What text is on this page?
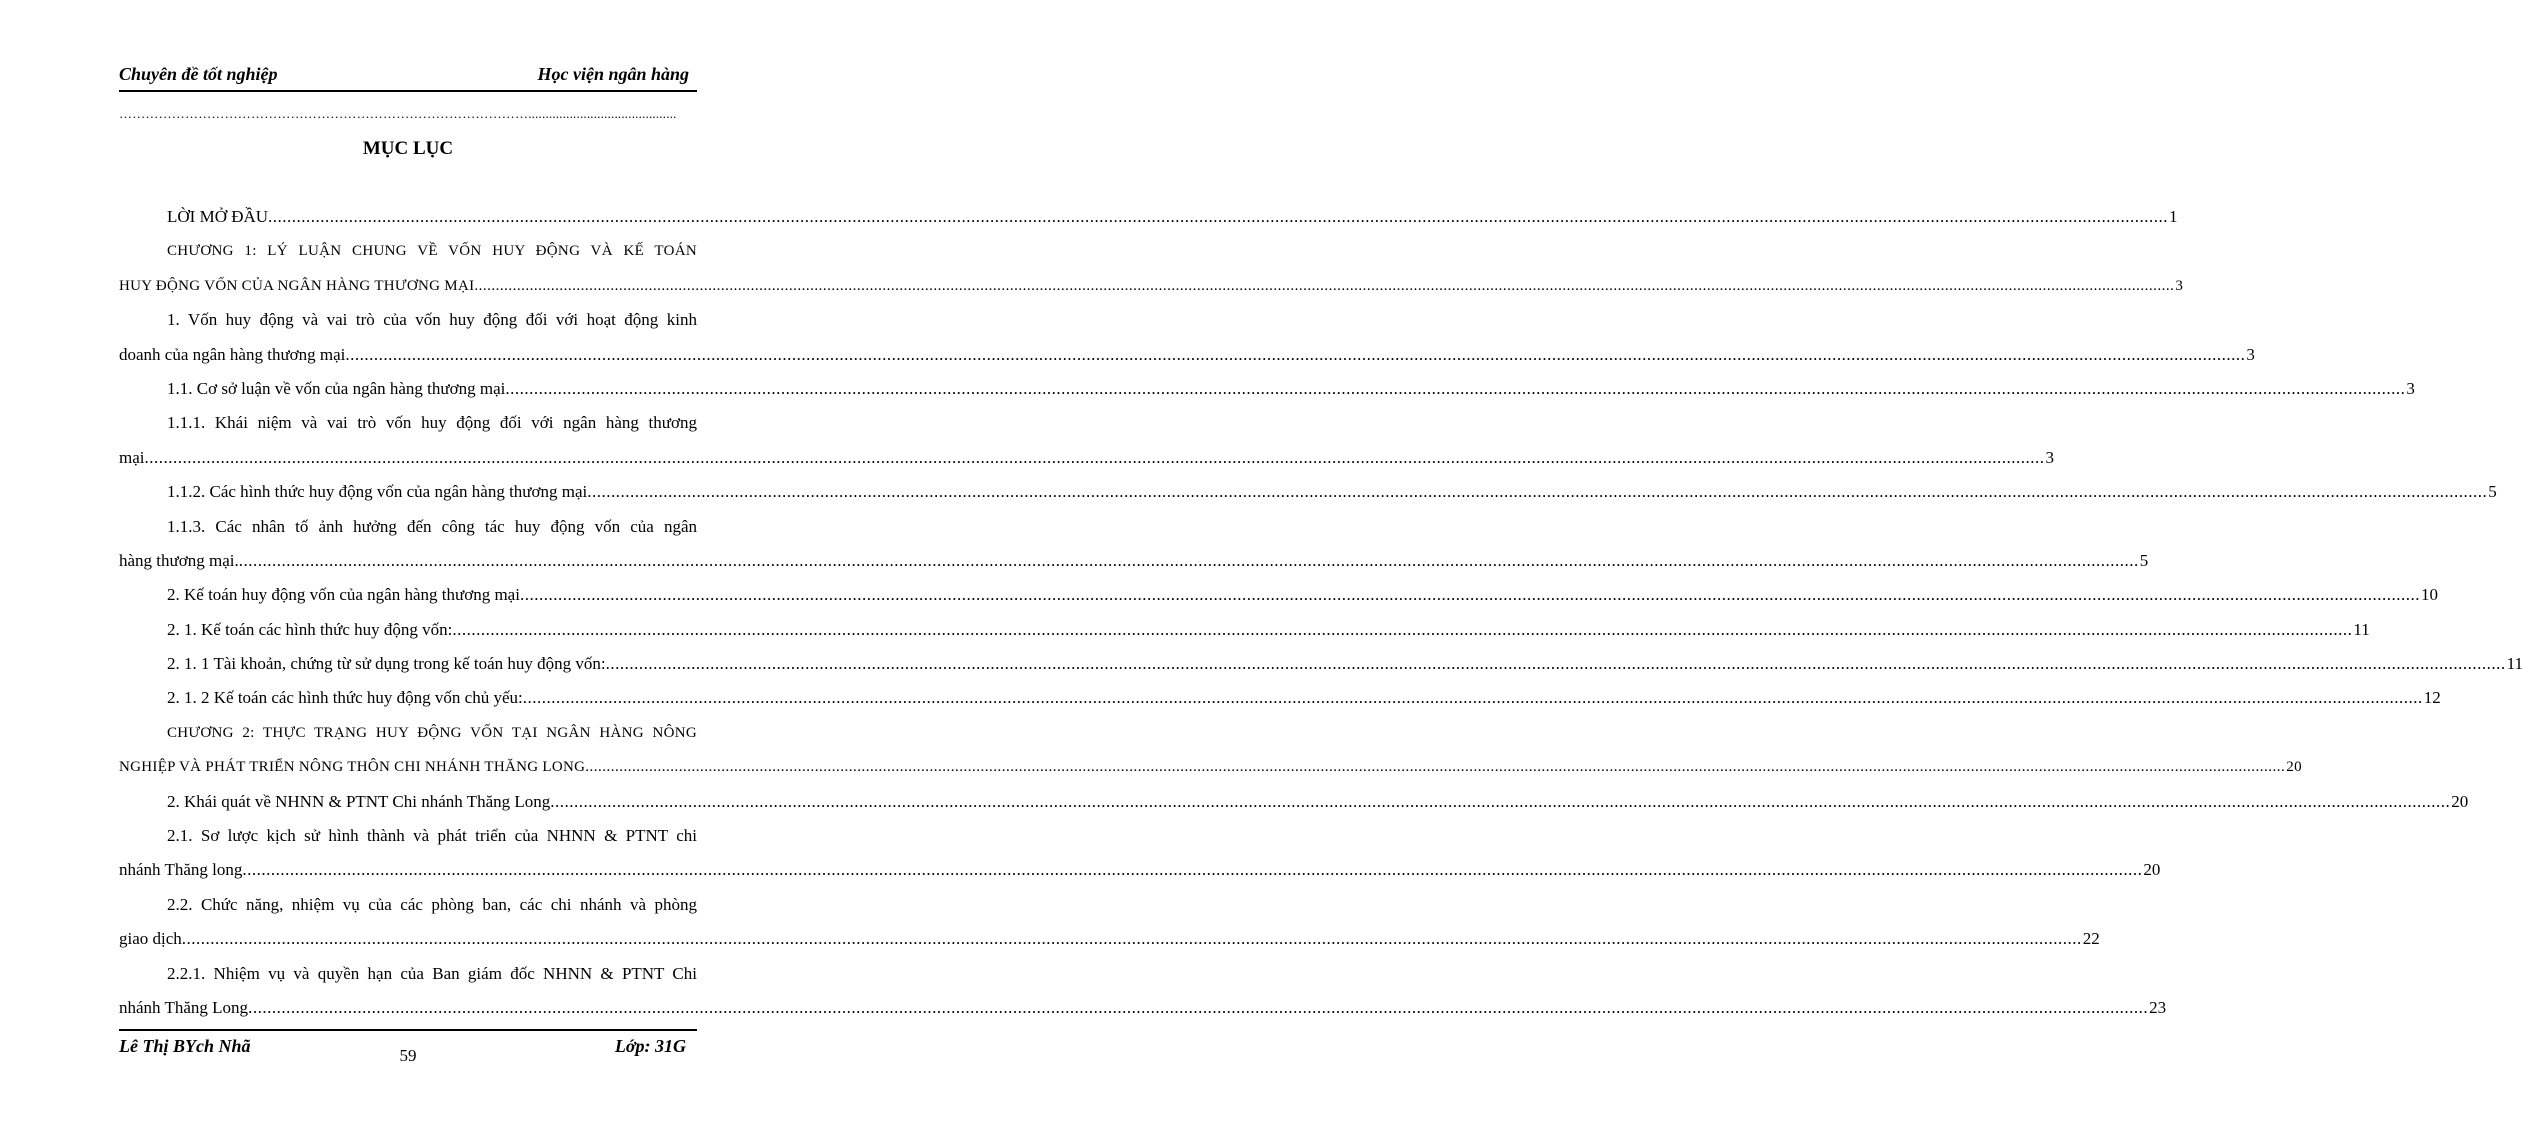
Chuyên đề tốt nghiệp	Học viện ngân hàng
…………………………………………………………………………………...........................................
MỤC LỤC
LỜI MỞ ĐẦU ................................................................................................................................................................................................................................................................................................................................................................................................................ 1
CHƯƠNG 1: LÝ LUẬN CHUNG VỀ VỐN HUY ĐỘNG VÀ KẾ TOÁN
HUY ĐỘNG VỐN CỦA NGÂN HÀNG THƯƠNG MẠI ................................................................................................................................................................................................................................................................................................................................................................................................................ 3
1. Vốn huy động và vai trò của vốn huy động đối với hoạt động kinh
doanh của ngân hàng thương mại ................................................................................................................................................................................................................................................................................................................................................................................................................ 3
1.1. Cơ sở luận về vốn của ngân hàng thương mại ................................................................................................................................................................................................................................................................................................................................................................................................................ 3
1.1.1. Khái niệm và vai trò vốn huy động đối với ngân hàng thương
mại ................................................................................................................................................................................................................................................................................................................................................................................................................ 3
1.1.2. Các hình thức huy động vốn của ngân hàng thương mại ................................................................................................................................................................................................................................................................................................................................................................................................................ 5
1.1.3. Các nhân tố ảnh hưởng đến công tác huy động vốn của ngân
hàng thương mại. ................................................................................................................................................................................................................................................................................................................................................................................................................ 5
2. Kế toán huy động vốn của ngân hàng thương mại ................................................................................................................................................................................................................................................................................................................................................................................................................ 10
2. 1. Kế toán các hình thức huy động vốn: ................................................................................................................................................................................................................................................................................................................................................................................................................ 11
2. 1. 1 Tài khoản, chứng từ sử dụng trong kế toán huy động vốn: ................................................................................................................................................................................................................................................................................................................................................................................................................ 11
2. 1. 2 Kế toán các hình thức huy động vốn chủ yếu: ................................................................................................................................................................................................................................................................................................................................................................................................................ 12
CHƯƠNG 2: THỰC TRẠNG HUY ĐỘNG VỐN TẠI NGÂN HÀNG NÔNG
NGHIỆP VÀ PHÁT TRIỂN NÔNG THÔN CHI NHÁNH THĂNG LONG ................................................................................................................................................................................................................................................................................................................................................................................................................ 20
2. Khái quát về NHNN & PTNT Chi nhánh Thăng Long ................................................................................................................................................................................................................................................................................................................................................................................................................ 20
2.1. Sơ lược kịch sử hình thành và phát triển của NHNN & PTNT chi
nhánh Thăng long ................................................................................................................................................................................................................................................................................................................................................................................................................ 20
2.2. Chức năng, nhiệm vụ của các phòng ban, các chi nhánh và phòng
giao dịch ................................................................................................................................................................................................................................................................................................................................................................................................................ 22
2.2.1. Nhiệm vụ và quyền hạn của Ban giám đốc NHNN & PTNT Chi
nhánh Thăng Long ................................................................................................................................................................................................................................................................................................................................................................................................................ 23
Lê Thị BYch Nhã	59	Lớp: 31G
